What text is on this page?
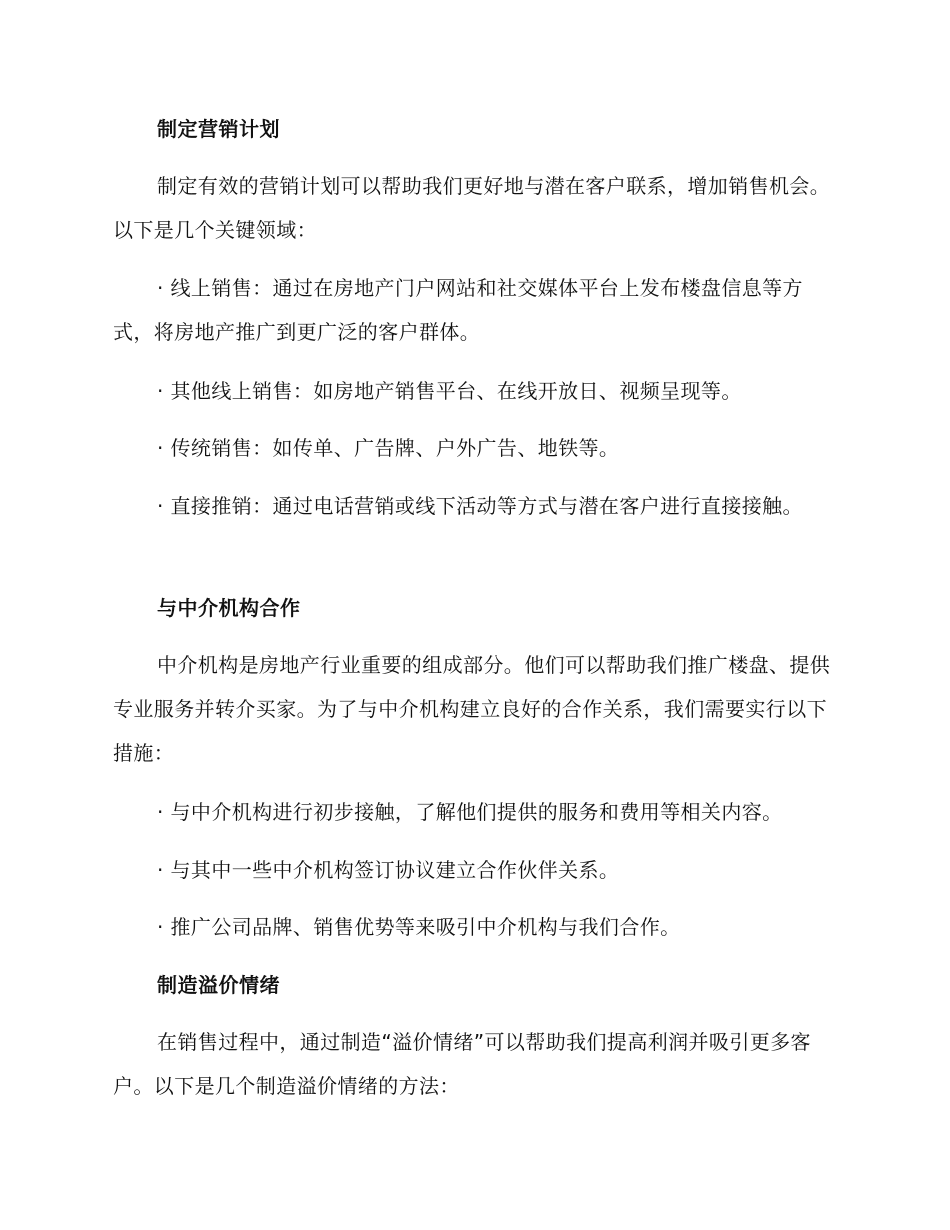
制定营销计划

制定有效的营销计划可以帮助我们更好地与潜在客户联系，增加销售机会。以下是几个关键领域：

· 线上销售：通过在房地产门户网站和社交媒体平台上发布楼盘信息等方式，将房地产推广到更广泛的客户群体。

· 其他线上销售：如房地产销售平台、在线开放日、视频呈现等。

· 传统销售：如传单、广告牌、户外广告、地铁等。

· 直接推销：通过电话营销或线下活动等方式与潜在客户进行直接接触。

与中介机构合作

中介机构是房地产行业重要的组成部分。他们可以帮助我们推广楼盘、提供专业服务并转介买家。为了与中介机构建立良好的合作关系，我们需要实行以下措施：

· 与中介机构进行初步接触，了解他们提供的服务和费用等相关内容。

· 与其中一些中介机构签订协议建立合作伙伴关系。

· 推广公司品牌、销售优势等来吸引中介机构与我们合作。

制造溢价情绪

在销售过程中，通过制造“溢价情绪”可以帮助我们提高利润并吸引更多客户。以下是几个制造溢价情绪的方法：
